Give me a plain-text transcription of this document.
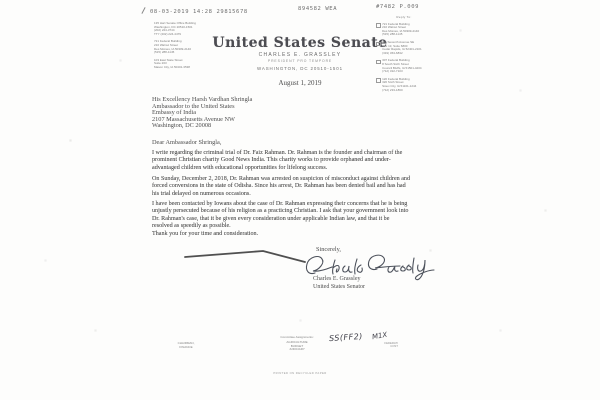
08-03-2019 14:28 29815678	894582 WEA	#7482 P.009
United States Senate
CHARLES E. GRASSLEY
PRESIDENT PRO TEMPORE
WASHINGTON, DC 20510-1501
135 Hart Senate Office Building
Washington, DC 20510-1501
(202) 224-3744
TTY (202) 224-4479
721 Federal Building
210 Walnut Street
Des Moines, IA 50309-2140
(515) 288-1145
103 East State Street
Suite 203
Mason City, IA 50401-3538
Reply To:
721 Federal Building
210 Walnut Street
Des Moines, IA 50309-2140
(515) 288-1145
111 Seventh Avenue SE
Box 13, Suite 6800
Cedar Rapids, IA 52401-2101
(319) 363-6832
307 Federal Building
8 South Sixth Street
Council Bluffs, IA 51501-4204
(712) 322-7103
120 Federal Building
320 Sixth Street
Sioux City, IA 51101-1244
(712) 233-1860
August 1, 2019
His Excellency Harsh Vardhan Shringla
Ambassador to the United States
Embassy of India
2107 Massachusetts Avenue NW
Washington, DC 20008
Dear Ambassador Shringla,
I write regarding the criminal trial of Dr. Faiz Rahman. Dr. Rahman is the founder and chairman of the
prominent Christian charity Good News India. This charity works to provide orphaned and under-
advantaged children with educational opportunities for lifelong success.
On Sunday, December 2, 2018, Dr. Rahman was arrested on suspicion of misconduct against children and
forced conversions in the state of Odisha. Since his arrest, Dr. Rahman has been denied bail and has had
his trial delayed on numerous occasions.
I have been contacted by Iowans about the case of Dr. Rahman expressing their concerns that he is being
unjustly persecuted because of his religion as a practicing Christian. I ask that your government look into
Dr. Rahman's case, that it be given every consideration under applicable Indian law, and that it be
resolved as speedily as possible.
Thank you for your time and consideration.
Sincerely,
Charles E. Grassley
United States Senator
CHAIRMAN,
FINANCE
Committee Assignments:
AGRICULTURE
BUDGET
JUDICIARY
SS(FF2) M1X
FEDERATI
COST
PRINTED ON RECYCLED PAPER
